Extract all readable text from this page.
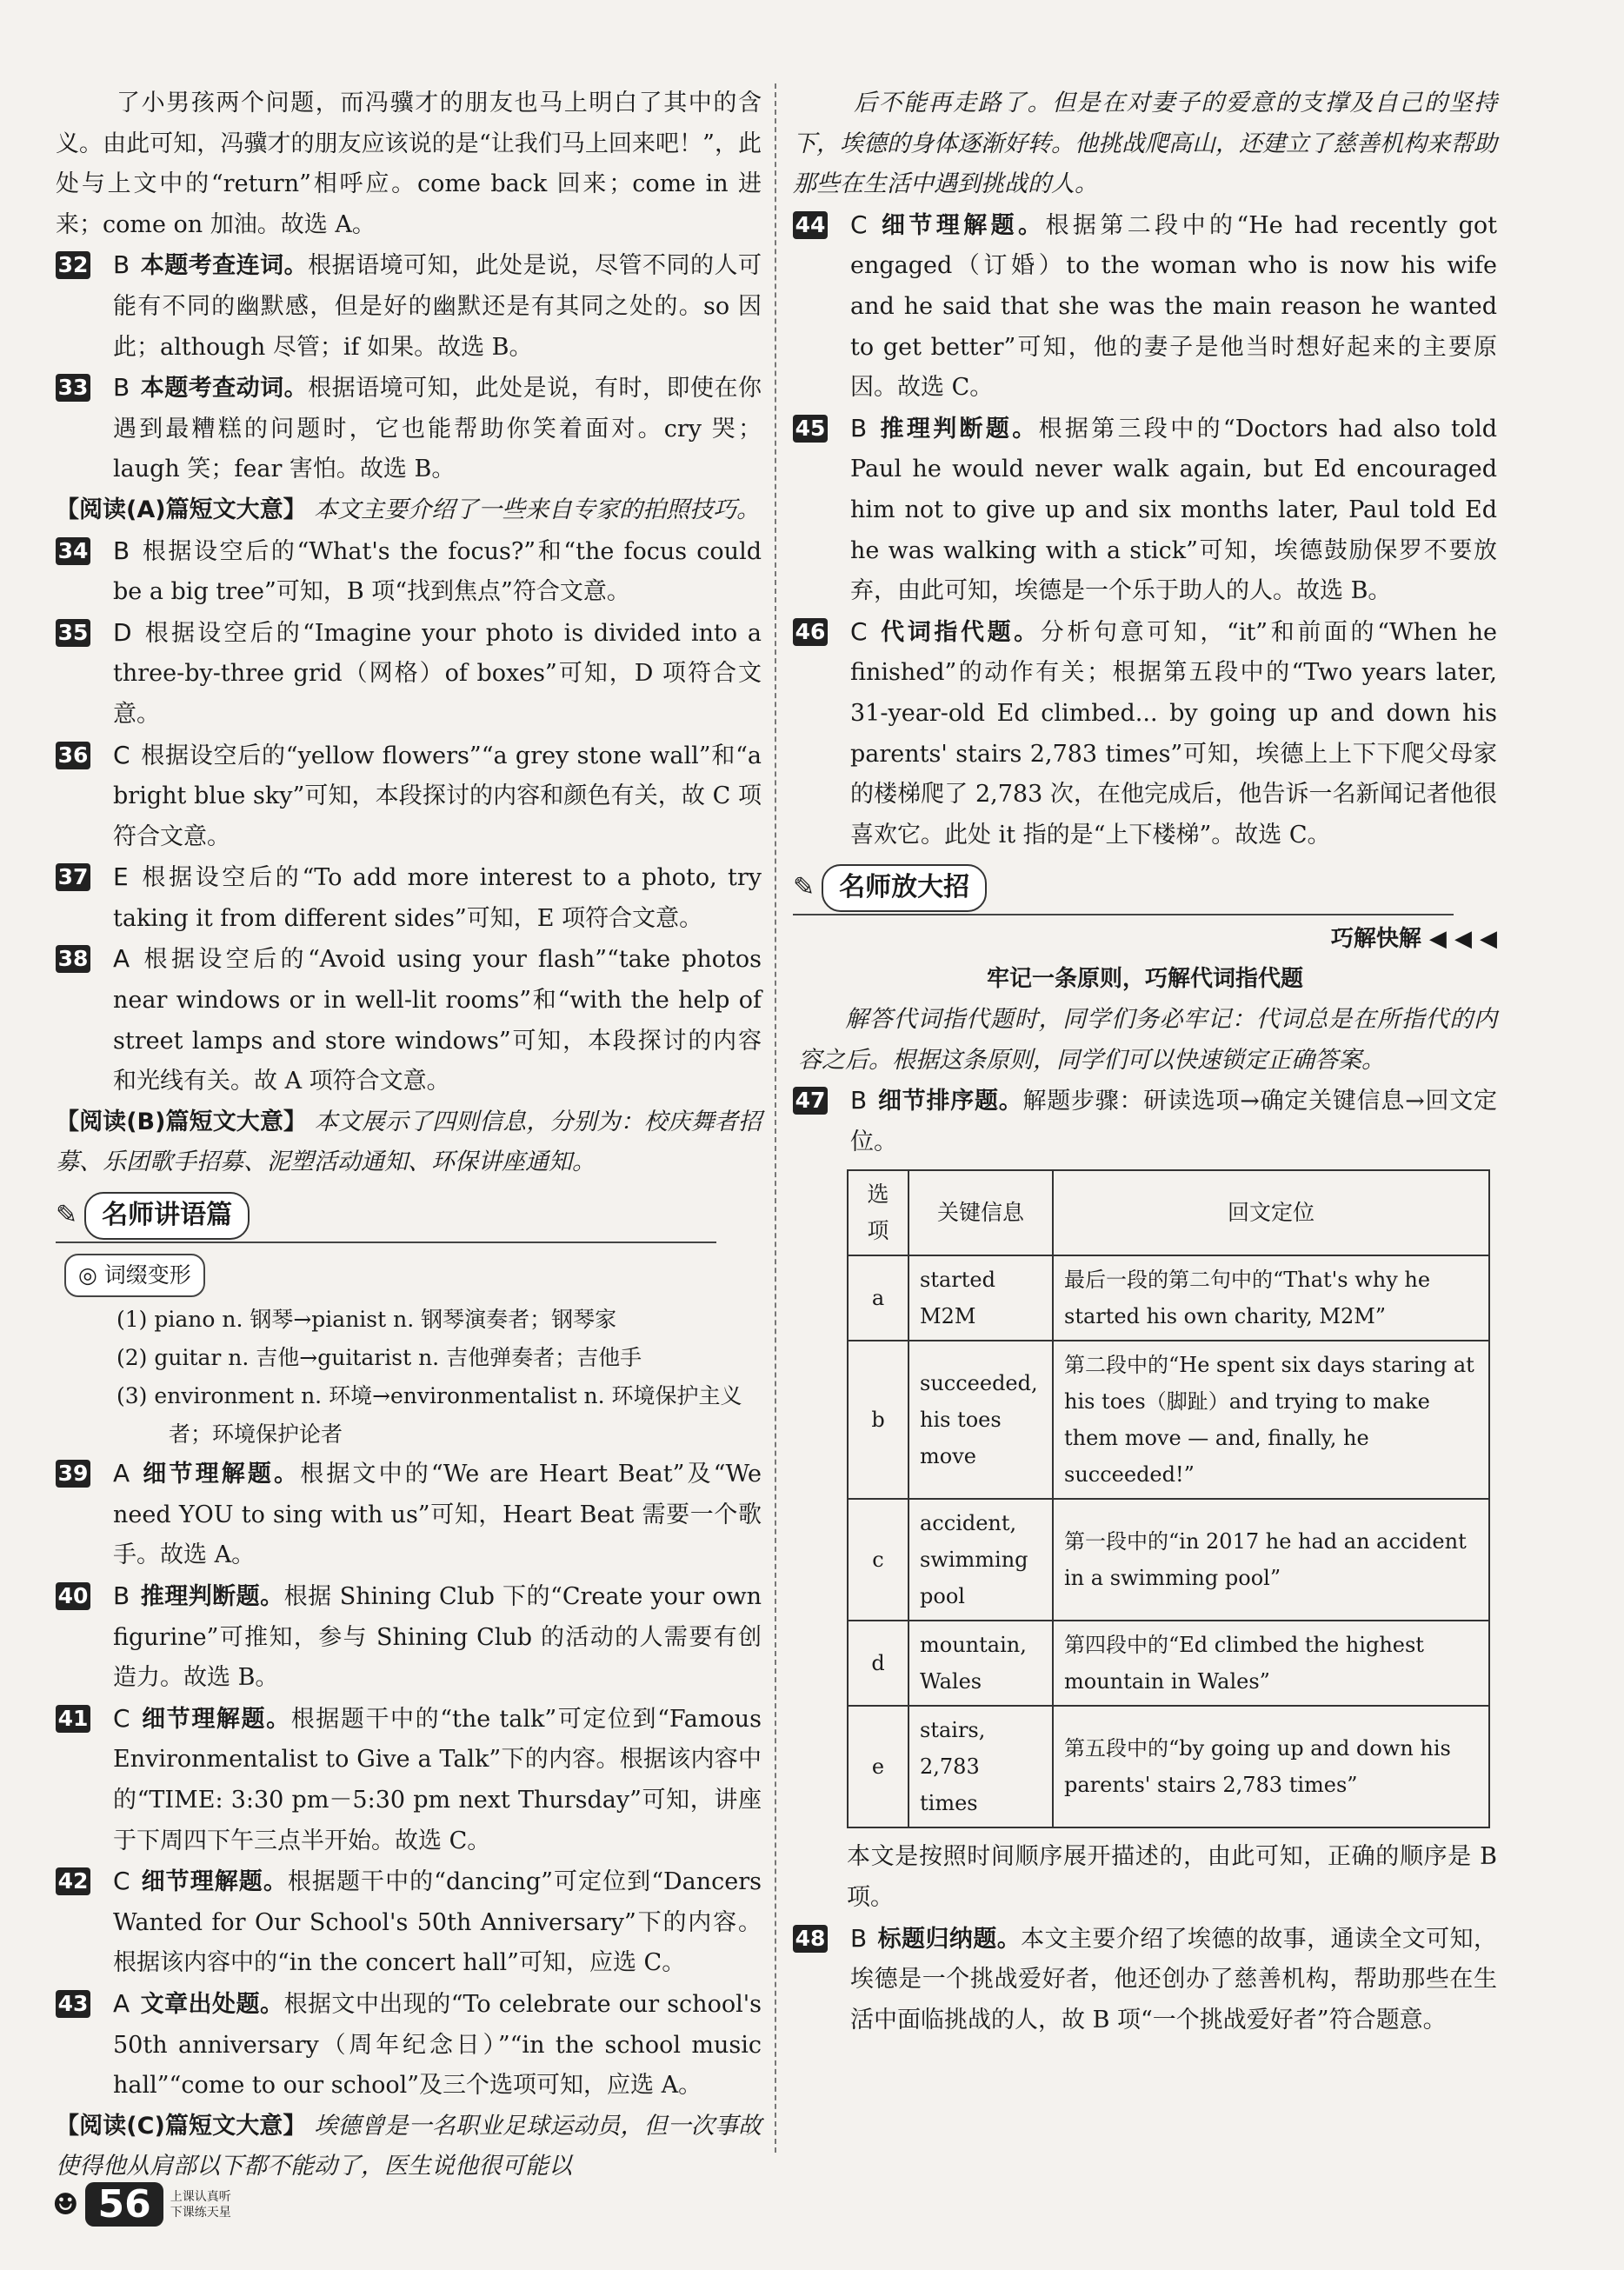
了小男孩两个问题，而冯骥才的朋友也马上明白了其中的含义。由此可知，冯骥才的朋友应该说的是“让我们马上回来吧！”，此处与上文中的“return”相呼应。come back 回来；come in 进来；come on 加油。故选 A。

32 B 本题考查连词。根据语境可知，此处是说，尽管不同的人可能有不同的幽默感，但是好的幽默还是有其同之处的。so 因此；although 尽管；if 如果。故选 B。
33 B 本题考查动词。根据语境可知，此处是说，有时，即使在你遇到最糟糕的问题时，它也能帮助你笑着面对。cry 哭；laugh 笑；fear 害怕。故选 B。

【阅读(A)篇短文大意】 本文主要介绍了一些来自专家的拍照技巧。

34 B 根据设空后的“What's the focus?”和“the focus could be a big tree”可知，B 项“找到焦点”符合文意。
35 D 根据设空后的“Imagine your photo is divided into a three-by-three grid（网格）of boxes”可知，D 项符合文意。
36 C 根据设空后的“yellow flowers”“a grey stone wall”和“a bright blue sky”可知，本段探讨的内容和颜色有关，故 C 项符合文意。
37 E 根据设空后的“To add more interest to a photo, try taking it from different sides”可知，E 项符合文意。
38 A 根据设空后的“Avoid using your flash”“take photos near windows or in well-lit rooms”和“with the help of street lamps and store windows”可知，本段探讨的内容和光线有关。故 A 项符合文意。

【阅读(B)篇短文大意】 本文展示了四则信息，分别为：校庆舞者招募、乐团歌手招募、泥塑活动通知、环保讲座通知。

✎ 名师讲语篇
◎ 词缀变形

(1) piano n. 钢琴→pianist n. 钢琴演奏者；钢琴家

(2) guitar n. 吉他→guitarist n. 吉他弹奏者；吉他手

(3) environment n. 环境→environmentalist n. 环境保护主义

者；环境保护论者

39 A 细节理解题。根据文中的“We are Heart Beat”及“We need YOU to sing with us”可知，Heart Beat 需要一个歌手。故选 A。
40 B 推理判断题。根据 Shining Club 下的“Create your own figurine”可推知，参与 Shining Club 的活动的人需要有创造力。故选 B。
41 C 细节理解题。根据题干中的“the talk”可定位到“Famous Environmentalist to Give a Talk”下的内容。根据该内容中的“TIME: 3:30 pm－5:30 pm next Thursday”可知，讲座于下周四下午三点半开始。故选 C。
42 C 细节理解题。根据题干中的“dancing”可定位到“Dancers Wanted for Our School's 50th Anniversary”下的内容。根据该内容中的“in the concert hall”可知，应选 C。
43 A 文章出处题。根据文中出现的“To celebrate our school's 50th anniversary（周年纪念日）”“in the school music hall”“come to our school”及三个选项可知，应选 A。

【阅读(C)篇短文大意】 埃德曾是一名职业足球运动员，但一次事故使得他从肩部以下都不能动了，医生说他很可能以

后不能再走路了。但是在对妻子的爱意的支撑及自己的坚持下，埃德的身体逐渐好转。他挑战爬高山，还建立了慈善机构来帮助那些在生活中遇到挑战的人。

44 C 细节理解题。根据第二段中的“He had recently got engaged（订婚）to the woman who is now his wife and he said that she was the main reason he wanted to get better”可知，他的妻子是他当时想好起来的主要原因。故选 C。
45 B 推理判断题。根据第三段中的“Doctors had also told Paul he would never walk again, but Ed encouraged him not to give up and six months later, Paul told Ed he was walking with a stick”可知，埃德鼓励保罗不要放弃，由此可知，埃德是一个乐于助人的人。故选 B。
46 C 代词指代题。分析句意可知，“it”和前面的“When he finished”的动作有关；根据第五段中的“Two years later, 31-year-old Ed climbed... by going up and down his parents' stairs 2,783 times”可知，埃德上上下下爬父母家的楼梯爬了 2,783 次，在他完成后，他告诉一名新闻记者他很喜欢它。此处 it 指的是“上下楼梯”。故选 C。
✎ 名师放大招

巧解快解 ◀ ◀ ◀

牢记一条原则，巧解代词指代题

解答代词指代题时，同学们务必牢记：代词总是在所指代的内容之后。根据这条原则，同学们可以快速锁定正确答案。

47 B 细节排序题。解题步骤：研读选项→确定关键信息→回文定位。
选项	关键信息	回文定位
a	started M2M	最后一段的第二句中的“That's why he started his own charity, M2M”
b	succeeded, his toes move	第二段中的“He spent six days staring at his toes（脚趾）and trying to make them move — and, finally, he succeeded!”
c	accident, swimming pool	第一段中的“in 2017 he had an accident in a swimming pool”
d	mountain, Wales	第四段中的“Ed climbed the highest mountain in Wales”
e	stairs, 2,783 times	第五段中的“by going up and down his parents' stairs 2,783 times”

本文是按照时间顺序展开描述的，由此可知，正确的顺序是 B 项。

48 B 标题归纳题。本文主要介绍了埃德的故事，通读全文可知，埃德是一个挑战爱好者，他还创办了慈善机构，帮助那些在生活中面临挑战的人，故 B 项“一个挑战爱好者”符合题意。
☻ 56	上课认真听
下课练天星
